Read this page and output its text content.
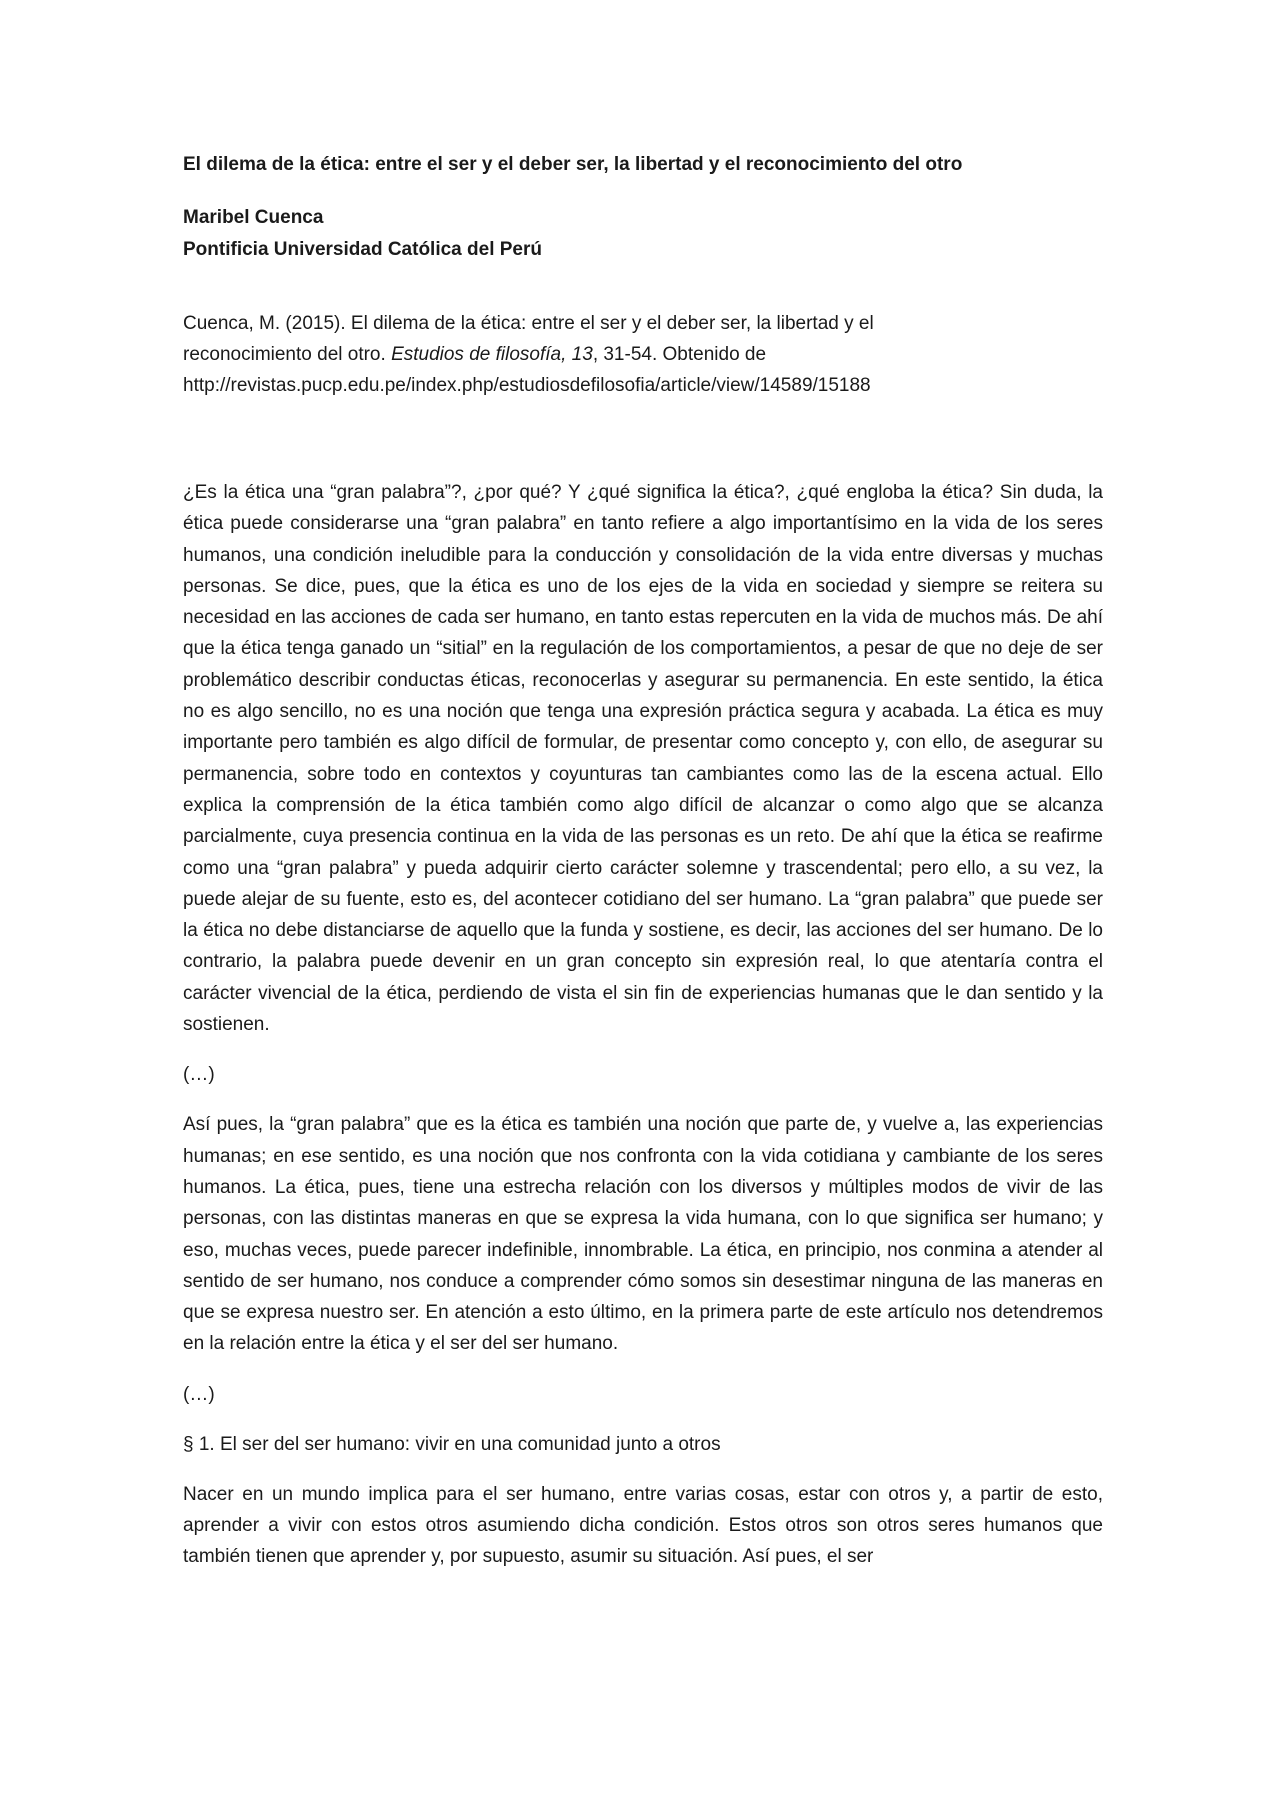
El dilema de la ética: entre el ser y el deber ser, la libertad y el reconocimiento del otro

Maribel Cuenca

Pontificia Universidad Católica del Perú

Cuenca, M. (2015). El dilema de la ética: entre el ser y el deber ser, la libertad y el
reconocimiento del otro. Estudios de filosofía, 13, 31-54. Obtenido de
http://revistas.pucp.edu.pe/index.php/estudiosdefilosofia/article/view/14589/15188

¿Es la ética una “gran palabra”?, ¿por qué? Y ¿qué significa la ética?, ¿qué engloba la ética? Sin duda, la ética puede considerarse una “gran palabra” en tanto refiere a algo importantísimo en la vida de los seres humanos, una condición ineludible para la conducción y consolidación de la vida entre diversas y muchas personas. Se dice, pues, que la ética es uno de los ejes de la vida en sociedad y siempre se reitera su necesidad en las acciones de cada ser humano, en tanto estas repercuten en la vida de muchos más. De ahí que la ética tenga ganado un “sitial” en la regulación de los comportamientos, a pesar de que no deje de ser problemático describir conductas éticas, reconocerlas y asegurar su permanencia. En este sentido, la ética no es algo sencillo, no es una noción que tenga una expresión práctica segura y acabada. La ética es muy importante pero también es algo difícil de formular, de presentar como concepto y, con ello, de asegurar su permanencia, sobre todo en contextos y coyunturas tan cambiantes como las de la escena actual. Ello explica la comprensión de la ética también como algo difícil de alcanzar o como algo que se alcanza parcialmente, cuya presencia continua en la vida de las personas es un reto. De ahí que la ética se reafirme como una “gran palabra” y pueda adquirir cierto carácter solemne y trascendental; pero ello, a su vez, la puede alejar de su fuente, esto es, del acontecer cotidiano del ser humano. La “gran palabra” que puede ser la ética no debe distanciarse de aquello que la funda y sostiene, es decir, las acciones del ser humano. De lo contrario, la palabra puede devenir en un gran concepto sin expresión real, lo que atentaría contra el carácter vivencial de la ética, perdiendo de vista el sin fin de experiencias humanas que le dan sentido y la sostienen.

(…)

Así pues, la “gran palabra” que es la ética es también una noción que parte de, y vuelve a, las experiencias humanas; en ese sentido, es una noción que nos confronta con la vida cotidiana y cambiante de los seres humanos. La ética, pues, tiene una estrecha relación con los diversos y múltiples modos de vivir de las personas, con las distintas maneras en que se expresa la vida humana, con lo que significa ser humano; y eso, muchas veces, puede parecer indefinible, innombrable. La ética, en principio, nos conmina a atender al sentido de ser humano, nos conduce a comprender cómo somos sin desestimar ninguna de las maneras en que se expresa nuestro ser. En atención a esto último, en la primera parte de este artículo nos detendremos en la relación entre la ética y el ser del ser humano.

(…)

§ 1. El ser del ser humano: vivir en una comunidad junto a otros

Nacer en un mundo implica para el ser humano, entre varias cosas, estar con otros y, a partir de esto, aprender a vivir con estos otros asumiendo dicha condición. Estos otros son otros seres humanos que también tienen que aprender y, por supuesto, asumir su situación. Así pues, el ser
